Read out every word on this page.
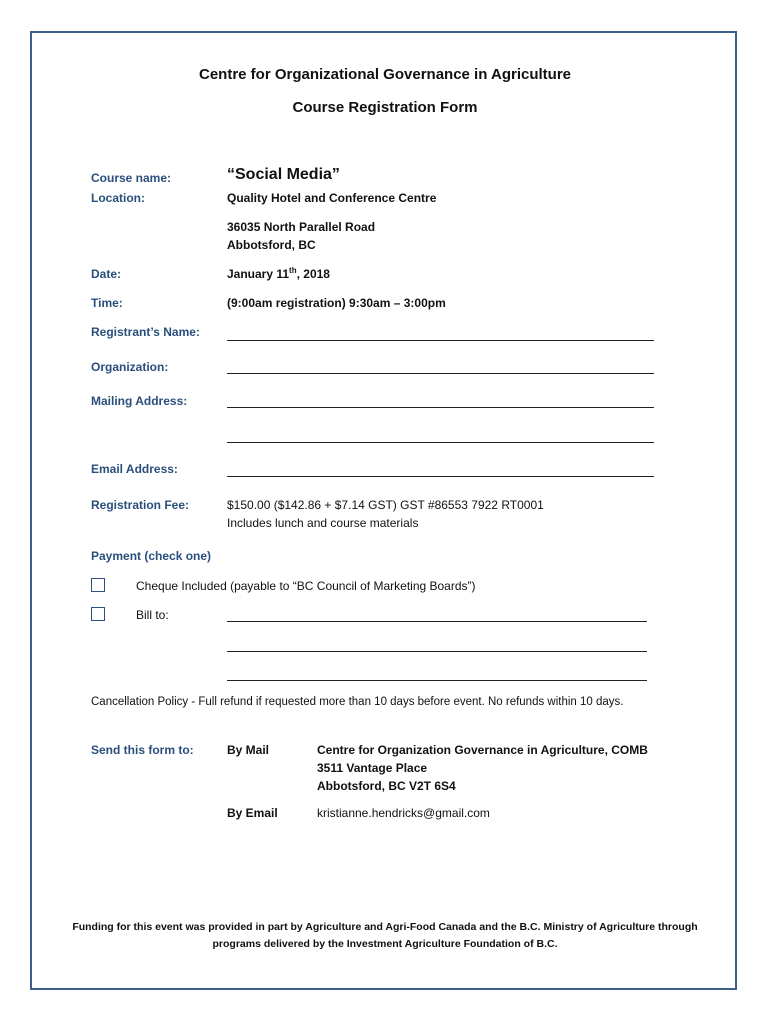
Centre for Organizational Governance in Agriculture
Course Registration Form
Course name:	“Social Media”
Location:	Quality Hotel and Conference Centre
36035 North Parallel Road
Abbotsford, BC
Date:	January 11th, 2018
Time:	(9:00am registration) 9:30am – 3:00pm
Registrant’s Name:
Organization:
Mailing Address:
Email Address:
Registration Fee:	$150.00 ($142.86 + $7.14 GST) GST #86553 7922 RT0001
Includes lunch and course materials
Payment (check one)
Cheque Included (payable to “BC Council of Marketing Boards”)
Bill to:
Cancellation Policy - Full refund if requested more than 10 days before event. No refunds within 10 days.
Send this form to:	By Mail	Centre for Organization Governance in Agriculture, COMB
3511 Vantage Place
Abbotsford, BC V2T 6S4
By Email	kristianne.hendricks@gmail.com
Funding for this event was provided in part by Agriculture and Agri-Food Canada and the B.C. Ministry of Agriculture through programs delivered by the Investment Agriculture Foundation of B.C.
